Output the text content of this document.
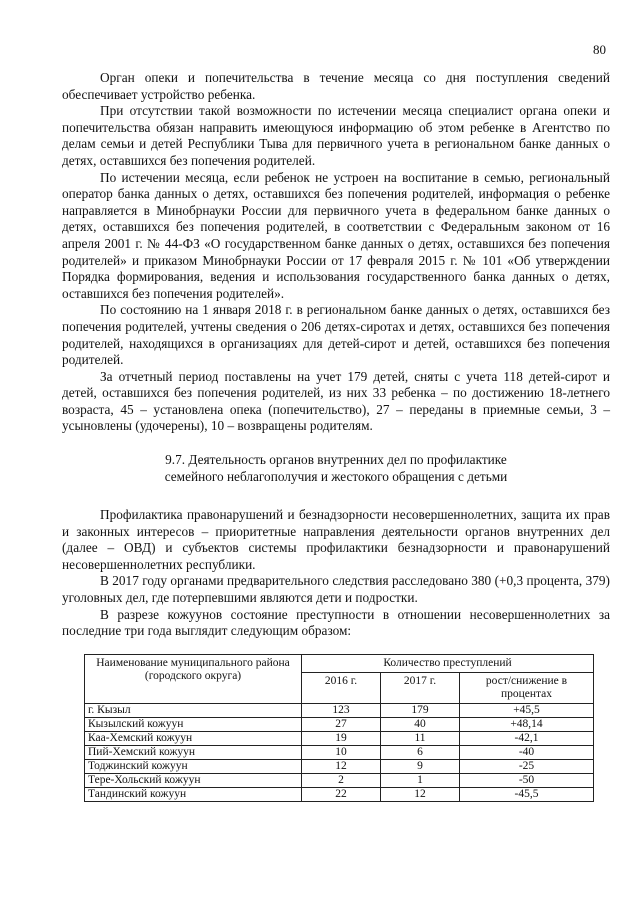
80

Орган опеки и попечительства в течение месяца со дня поступления сведений обеспечивает устройство ребенка.

При отсутствии такой возможности по истечении месяца специалист органа опеки и попечительства обязан направить имеющуюся информацию об этом ребенке в Агентство по делам семьи и детей Республики Тыва для первичного учета в региональном банке данных о детях, оставшихся без попечения родителей.

По истечении месяца, если ребенок не устроен на воспитание в семью, региональный оператор банка данных о детях, оставшихся без попечения родителей, информация о ребенке направляется в Минобрнауки России для первичного учета в федеральном банке данных о детях, оставшихся без попечения родителей, в соответствии с Федеральным законом от 16 апреля 2001 г. № 44-ФЗ «О государственном банке данных о детях, оставшихся без попечения родителей» и приказом Минобрнауки России от 17 февраля 2015 г. № 101 «Об утверждении Порядка формирования, ведения и использования государственного банка данных о детях, оставшихся без попечения родителей».

По состоянию на 1 января 2018 г. в региональном банке данных о детях, оставшихся без попечения родителей, учтены сведения о 206 детях-сиротах и детях, оставшихся без попечения родителей, находящихся в организациях для детей-сирот и детей, оставшихся без попечения родителей.

За отчетный период поставлены на учет 179 детей, сняты с учета 118 детей-сирот и детей, оставшихся без попечения родителей, из них 33 ребенка – по достижению 18-летнего возраста, 45 – установлена опека (попечительство), 27 – переданы в приемные семьи, 3 – усыновлены (удочерены), 10 – возвращены родителям.

9.7. Деятельность органов внутренних дел по профилактике
семейного неблагополучия и жестокого обращения с детьми

Профилактика правонарушений и безнадзорности несовершеннолетних, защита их прав и законных интересов – приоритетные направления деятельности органов внутренних дел (далее – ОВД) и субъектов системы профилактики безнадзорности и правонарушений несовершеннолетних республики.

В 2017 году органами предварительного следствия расследовано 380 (+0,3 процента, 379) уголовных дел, где потерпевшими являются дети и подростки.

В разрезе кожуунов состояние преступности в отношении несовершеннолетних за последние три года выглядит следующим образом:

Наименование муниципального района (городского округа)	Количество преступлений		
	2016 г.	2017 г.	рост/снижение в процентах
г. Кызыл	123	179	+45,5
Кызылский кожуун	27	40	+48,14
Каа-Хемский кожуун	19	11	-42,1
Пий-Хемский кожуун	10	6	-40
Тоджинский кожуун	12	9	-25
Тере-Хольский кожуун	2	1	-50
Тандинский кожуун	22	12	-45,5
